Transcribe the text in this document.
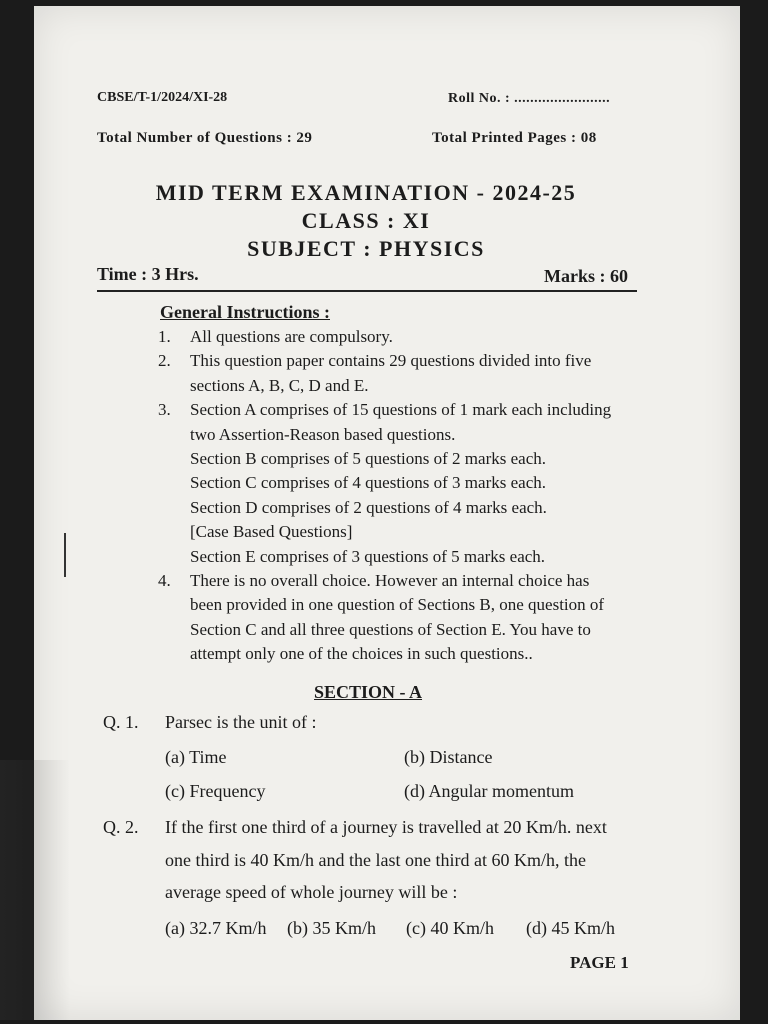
CBSE/T-1/2024/XI-28	Roll No. : ........................
Total Number of Questions : 29	Total Printed Pages : 08
MID TERM EXAMINATION - 2024-25
CLASS : XI
SUBJECT : PHYSICS
Time : 3 Hrs.	Marks : 60
General Instructions :
1.	All questions are compulsory.
2.	This question paper contains 29 questions divided into five
sections A, B, C, D and E.
3.	Section A comprises of 15 questions of 1 mark each including
two Assertion-Reason based questions.
Section B comprises of 5 questions of 2 marks each.
Section C comprises of 4 questions of 3 marks each.
Section D comprises of 2 questions of 4 marks each.
[Case Based Questions]
Section E comprises of 3 questions of 5 marks each.
4.	There is no overall choice. However an internal choice has
been provided in one question of Sections B, one question of
Section C and all three questions of Section E. You have to
attempt only one of the choices in such questions..
SECTION - A
Q. 1. Parsec is the unit of :
(a) Time	(b) Distance
(c) Frequency	(d) Angular momentum
Q. 2. If the first one third of a journey is travelled at 20 Km/h. next
one third is 40 Km/h and the last one third at 60 Km/h, the
average speed of whole journey will be :
(a) 32.7 Km/h (b) 35 Km/h (c) 40 Km/h (d) 45 Km/h
PAGE 1
